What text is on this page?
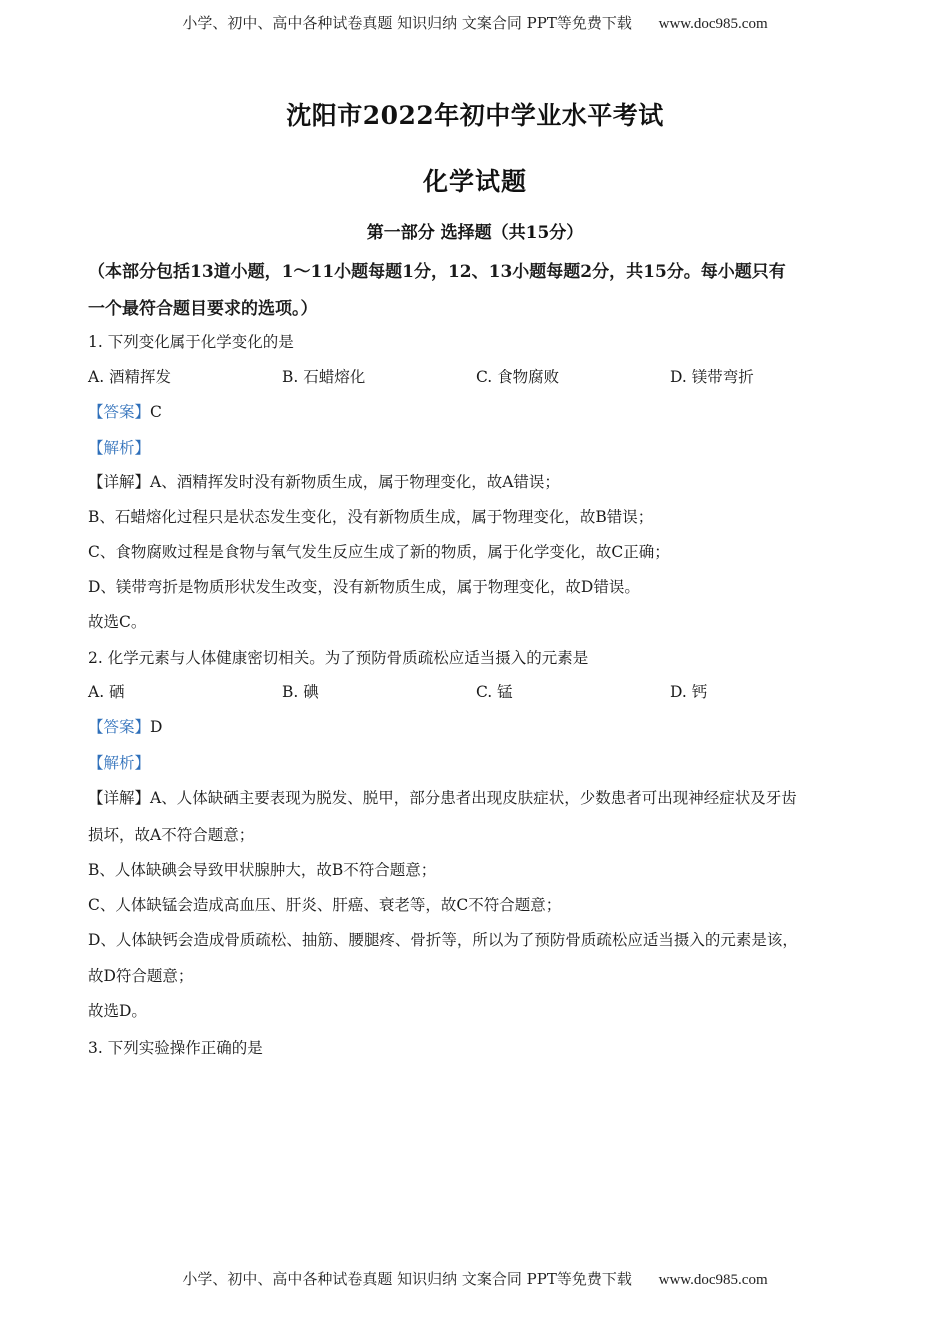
小学、初中、高中各种试卷真题 知识归纳 文案合同 PPT等免费下载 www.doc985.com
沈阳市2022年初中学业水平考试
化学试题
第一部分 选择题（共15分）
（本部分包括13道小题，1～11小题每题1分，12、13小题每题2分，共15分。每小题只有
一个最符合题目要求的选项。）
1. 下列变化属于化学变化的是
A. 酒精挥发	B. 石蜡熔化	C. 食物腐败	D. 镁带弯折
【答案】C
【解析】
【详解】A、酒精挥发时没有新物质生成，属于物理变化，故A错误；
B、石蜡熔化过程只是状态发生变化，没有新物质生成，属于物理变化，故B错误；
C、食物腐败过程是食物与氧气发生反应生成了新的物质，属于化学变化，故C正确；
D、镁带弯折是物质形状发生改变，没有新物质生成，属于物理变化，故D错误。
故选C。
2. 化学元素与人体健康密切相关。为了预防骨质疏松应适当摄入的元素是
A. 硒	B. 碘	C. 锰	D. 钙
【答案】D
【解析】
【详解】A、人体缺硒主要表现为脱发、脱甲，部分患者出现皮肤症状，少数患者可出现神经症状及牙齿
损坏，故A不符合题意；
B、人体缺碘会导致甲状腺肿大，故B不符合题意；
C、人体缺锰会造成高血压、肝炎、肝癌、衰老等，故C不符合题意；
D、人体缺钙会造成骨质疏松、抽筋、腰腿疼、骨折等，所以为了预防骨质疏松应适当摄入的元素是该，
故D符合题意；
故选D。
3. 下列实验操作正确的是
小学、初中、高中各种试卷真题 知识归纳 文案合同 PPT等免费下载 www.doc985.com
